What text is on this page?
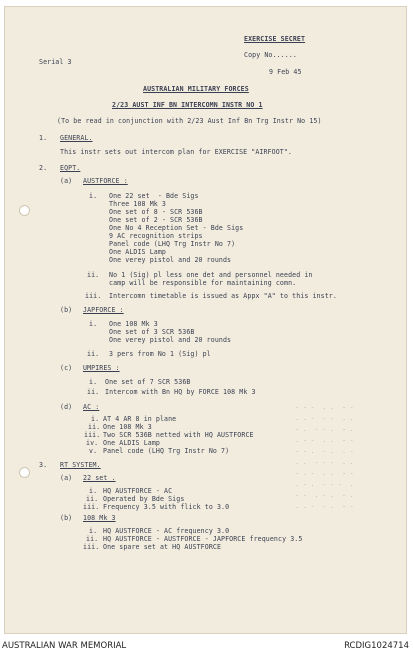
- - -  . .  - -
. . -  - -  . .
- .  - - .  - .
. - -  . .  - -
- - .  - .  . -
. .  - - -  . .
- . -  . .  - -
. - .  - - -  .
- -  . - .  - .
. . -  - .  - -
EXERCISE SECRET
Copy No......
Serial 3
9 Feb 45
AUSTRALIAN MILITARY FORCES
2/23 AUST INF BN INTERCOMN INSTR NO 1
(To be read in conjunction with 2/23 Aust Inf Bn Trg Instr No 15)
1. GENERAL.
This instr sets out intercom plan for EXERCISE "AIRFOOT".
2. EQPT.
(a) AUSTFORCE :
i. One 22 set  - Bde Sigs
Three 108 Mk 3
One set of 8 - SCR 536B
One set of 2 - SCR 536B
One No 4 Reception Set - Bde Sigs
9 AC recognition strips
Panel code (LHQ Trg Instr No 7)
One ALDIS Lamp
One verey pistol and 20 rounds
ii. No 1 (Sig) pl less one det and personnel needed in
camp will be responsible for maintaining comn.
iii. Intercomn timetable is issued as Appx "A" to this instr.
(b) JAPFORCE :
i. One 108 Mk 3
One set of 3 SCR 536B
One verey pistol and 20 rounds
ii. 3 pers from No 1 (Sig) pl
(c) UMPIRES :
i. One set of 7 SCR 536B
ii. Intercom with Bn HQ by FORCE 108 Mk 3
(d) AC :
i. AT 4 AR 8 in plane
ii. One 108 Mk 3
iii. Two SCR 536B netted with HQ AUSTFORCE
iv. One ALDIS Lamp
v. Panel code (LHQ Trg Instr No 7)
3. RT SYSTEM.
(a) 22 set .
i. HQ AUSTFORCE - AC
ii. Operated by Bde Sigs
iii. Frequency 3.5 with flick to 3.0
(b) 108 Mk 3
i. HQ AUSTFORCE - AC frequency 3.0
ii. HQ AUSTFORCE - AUSTFORCE - JAPFORCE frequency 3.5
iii. One spare set at HQ AUSTFORCE
AUSTRALIAN WAR MEMORIAL	RCDIG1024714
